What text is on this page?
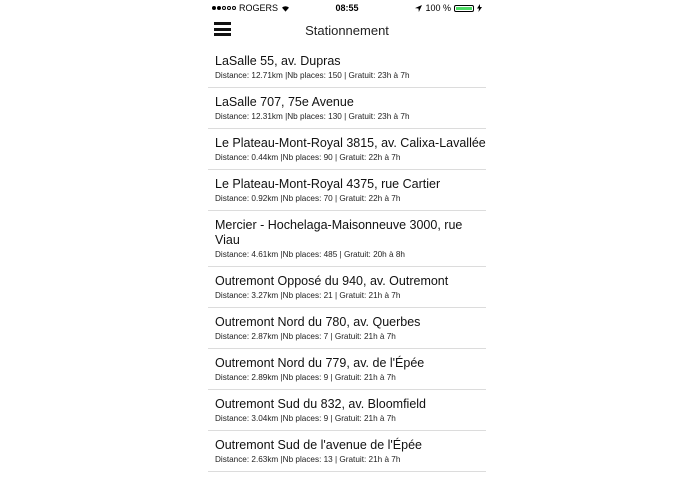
ROGERS	08:55	100 %
Stationnement
LaSalle 55, av. Dupras
Distance: 12.71km |Nb places: 150 | Gratuit: 23h à 7h
LaSalle 707, 75e Avenue
Distance: 12.31km |Nb places: 130 | Gratuit: 23h à 7h
Le Plateau-Mont-Royal 3815, av. Calixa-Lavallée
Distance: 0.44km |Nb places: 90 | Gratuit: 22h à 7h
Le Plateau-Mont-Royal 4375, rue Cartier
Distance: 0.92km |Nb places: 70 | Gratuit: 22h à 7h
Mercier - Hochelaga-Maisonneuve 3000, rue Viau
Distance: 4.61km |Nb places: 485 | Gratuit: 20h à 8h
Outremont Opposé du 940, av. Outremont
Distance: 3.27km |Nb places: 21 | Gratuit: 21h à 7h
Outremont Nord du 780, av. Querbes
Distance: 2.87km |Nb places: 7 | Gratuit: 21h à 7h
Outremont Nord du 779, av. de l'Épée
Distance: 2.89km |Nb places: 9 | Gratuit: 21h à 7h
Outremont Sud du 832, av. Bloomfield
Distance: 3.04km |Nb places: 9 | Gratuit: 21h à 7h
Outremont Sud de l'avenue de l'Épée
Distance: 2.63km |Nb places: 13 | Gratuit: 21h à 7h
